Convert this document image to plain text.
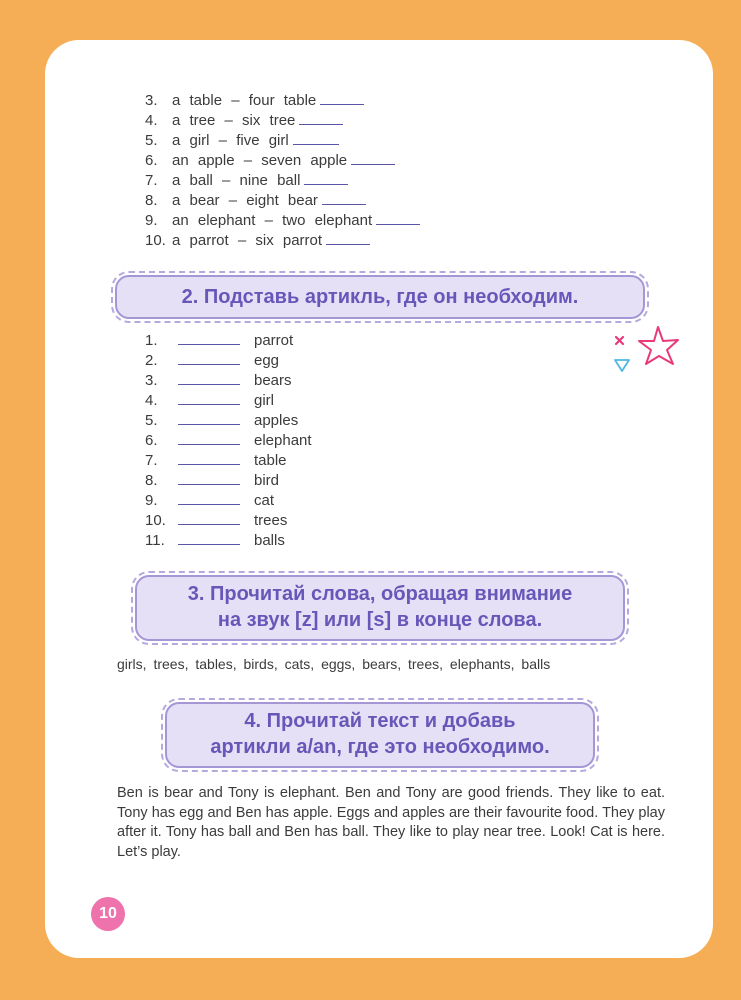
3. a table – four table
4. a tree – six tree
5. a girl – five girl
6. an apple – seven apple
7. a ball – nine ball
8. a bear – eight bear
9. an elephant – two elephant
10. a parrot – six parrot
2. Подставь артикль, где он необходим.
1.	parrot
2.	egg
3.	bears
4.	girl
5.	apples
6.	elephant
7.	table
8.	bird
9.	cat
10.	trees
11.	balls
3. Прочитай слова, обращая внимание
на звук [z] или [s] в конце слова.
girls, trees, tables, birds, cats, eggs, bears, trees, elephants, balls
4. Прочитай текст и добавь
артикли a/an, где это необходимо.
Ben is bear and Tony is elephant. Ben and Tony are good friends. They like to eat. Tony has egg and Ben has apple. Eggs and apples are their favourite food. They play after it. Tony has ball and Ben has ball. They like to play near tree. Look! Cat is here. Let’s play.
10
